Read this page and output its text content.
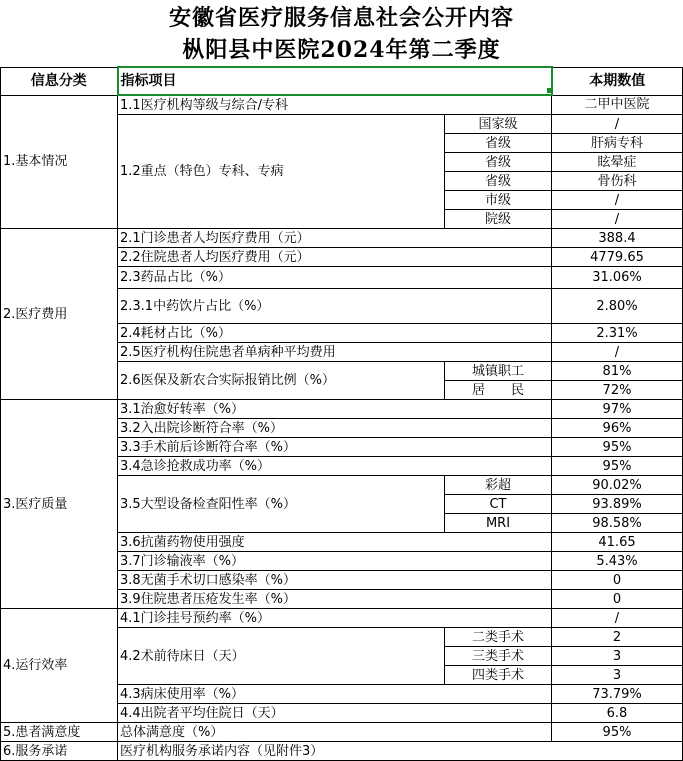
安徽省医疗服务信息社会公开内容
枞阳县中医院2024年第二季度
信息分类	指标项目		本期数值
1.基本情况	1.1医疗机构等级与综合/专科		二甲中医院
	1.2重点（特色）专科、专病	国家级	/
		省级	肝病专科
		省级	眩晕症
		省级	骨伤科
		市级	/
		院级	/
2.医疗费用	2.1门诊患者人均医疗费用（元）		388.4
	2.2住院患者人均医疗费用（元）		4779.65
	2.3药品占比（%）		31.06%
	2.3.1中药饮片占比（%）		2.80%
	2.4耗材占比（%）		2.31%
	2.5医疗机构住院患者单病种平均费用		/
	2.6医保及新农合实际报销比例（%）	城镇职工	81%
		居　　民	72%
3.医疗质量	3.1治愈好转率（%）		97%
	3.2入出院诊断符合率（%）		96%
	3.3手术前后诊断符合率（%）		95%
	3.4急诊抢救成功率（%）		95%
	3.5大型设备检查阳性率（%）	彩超	90.02%
		CT	93.89%
		MRI	98.58%
	3.6抗菌药物使用强度		41.65
	3.7门诊输液率（%）		5.43%
	3.8无菌手术切口感染率（%）		0
	3.9住院患者压疮发生率（%）		0
4.运行效率	4.1门诊挂号预约率（%）		/
	4.2术前待床日（天）	二类手术	2
		三类手术	3
		四类手术	3
	4.3病床使用率（%）		73.79%
	4.4出院者平均住院日（天）		6.8
5.患者满意度	总体满意度（%）		95%
6.服务承诺	医疗机构服务承诺内容（见附件3）		
